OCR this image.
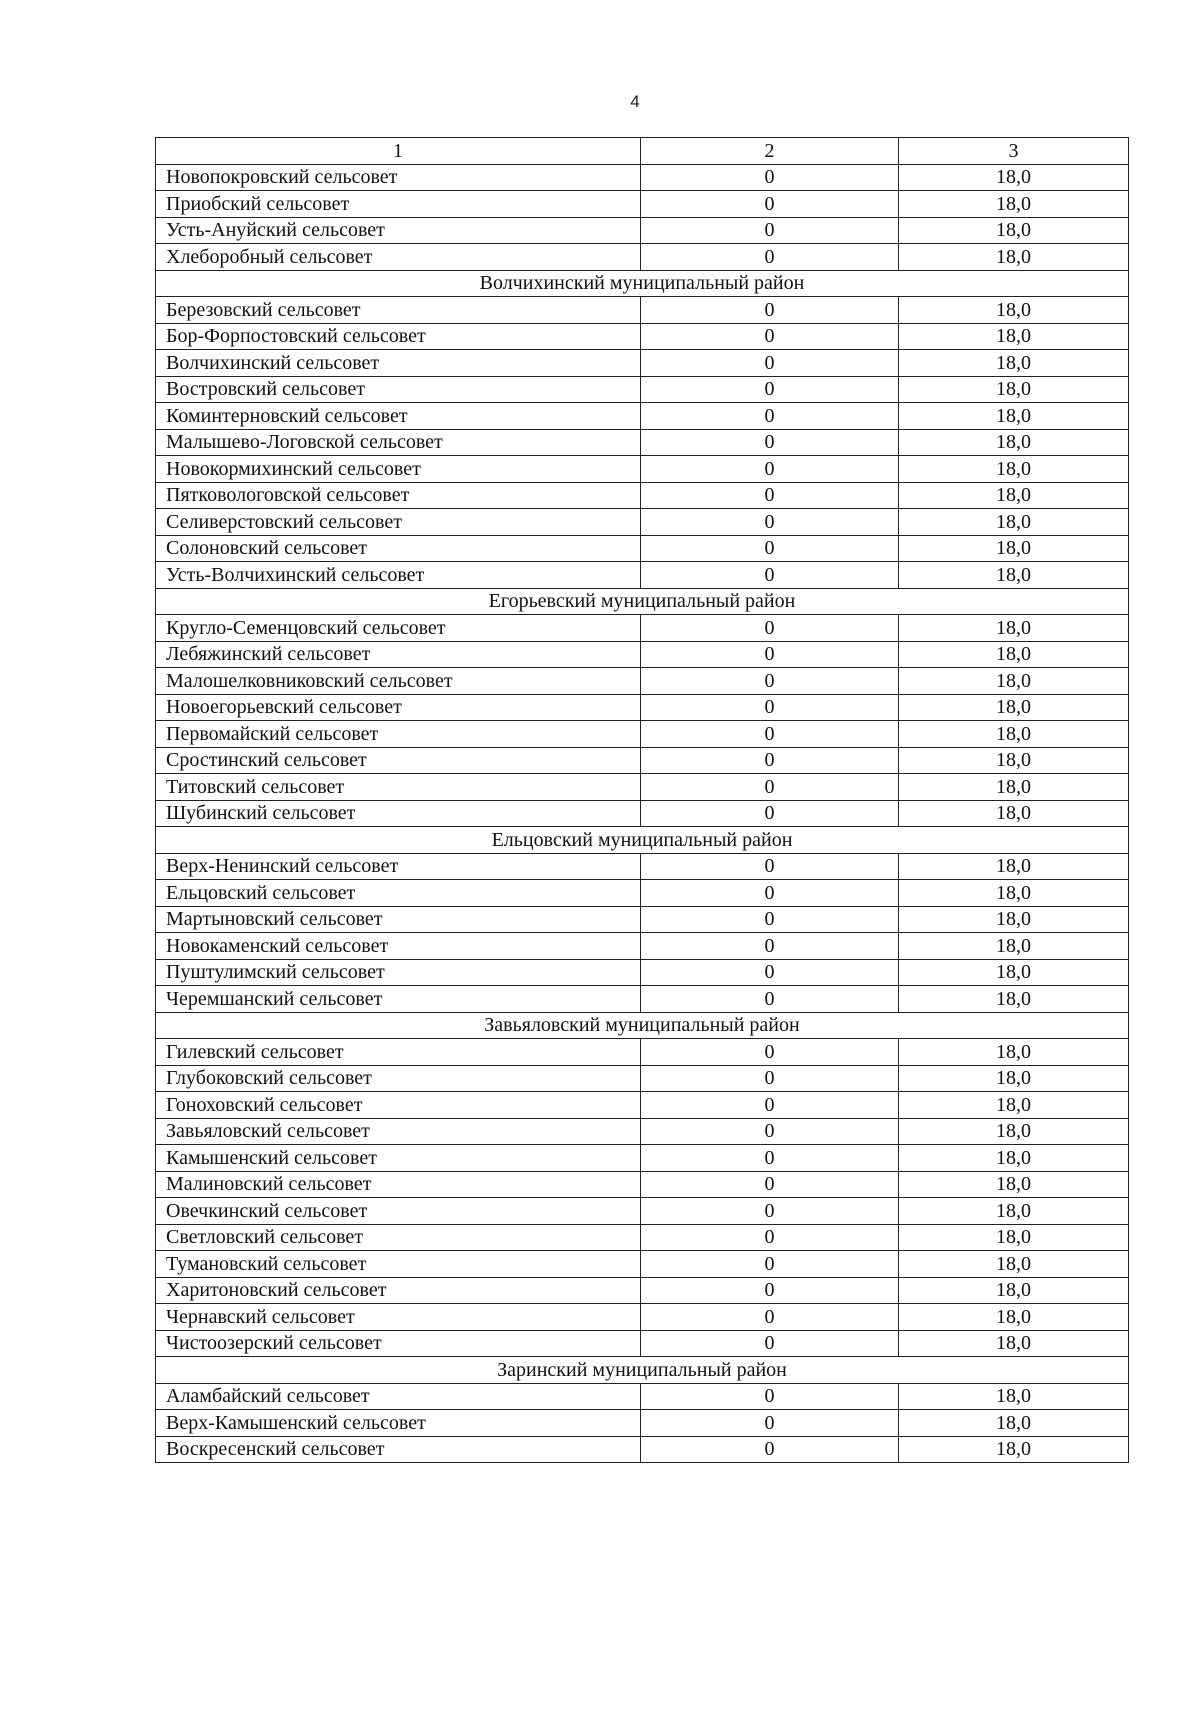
4
1	2	3
Новопокровский сельсовет	0	18,0
Приобский сельсовет	0	18,0
Усть-Ануйский сельсовет	0	18,0
Хлеборобный сельсовет	0	18,0
Волчихинский муниципальный район		
Березовский сельсовет	0	18,0
Бор-Форпостовский сельсовет	0	18,0
Волчихинский сельсовет	0	18,0
Востровский сельсовет	0	18,0
Коминтерновский сельсовет	0	18,0
Малышево-Логовской сельсовет	0	18,0
Новокормихинский сельсовет	0	18,0
Пятковологовской сельсовет	0	18,0
Селиверстовский сельсовет	0	18,0
Солоновский сельсовет	0	18,0
Усть-Волчихинский сельсовет	0	18,0
Егорьевский муниципальный район		
Кругло-Семенцовский сельсовет	0	18,0
Лебяжинский сельсовет	0	18,0
Малошелковниковский сельсовет	0	18,0
Новоегорьевский сельсовет	0	18,0
Первомайский сельсовет	0	18,0
Сростинский сельсовет	0	18,0
Титовский сельсовет	0	18,0
Шубинский сельсовет	0	18,0
Ельцовский муниципальный район		
Верх-Ненинский сельсовет	0	18,0
Ельцовский сельсовет	0	18,0
Мартыновский сельсовет	0	18,0
Новокаменский сельсовет	0	18,0
Пуштулимский сельсовет	0	18,0
Черемшанский сельсовет	0	18,0
Завьяловский муниципальный район		
Гилевский сельсовет	0	18,0
Глубоковский сельсовет	0	18,0
Гоноховский сельсовет	0	18,0
Завьяловский сельсовет	0	18,0
Камышенский сельсовет	0	18,0
Малиновский сельсовет	0	18,0
Овечкинский сельсовет	0	18,0
Светловский сельсовет	0	18,0
Тумановский сельсовет	0	18,0
Харитоновский сельсовет	0	18,0
Чернавский сельсовет	0	18,0
Чистоозерский сельсовет	0	18,0
Заринский муниципальный район		
Аламбайский сельсовет	0	18,0
Верх-Камышенский сельсовет	0	18,0
Воскресенский сельсовет	0	18,0
